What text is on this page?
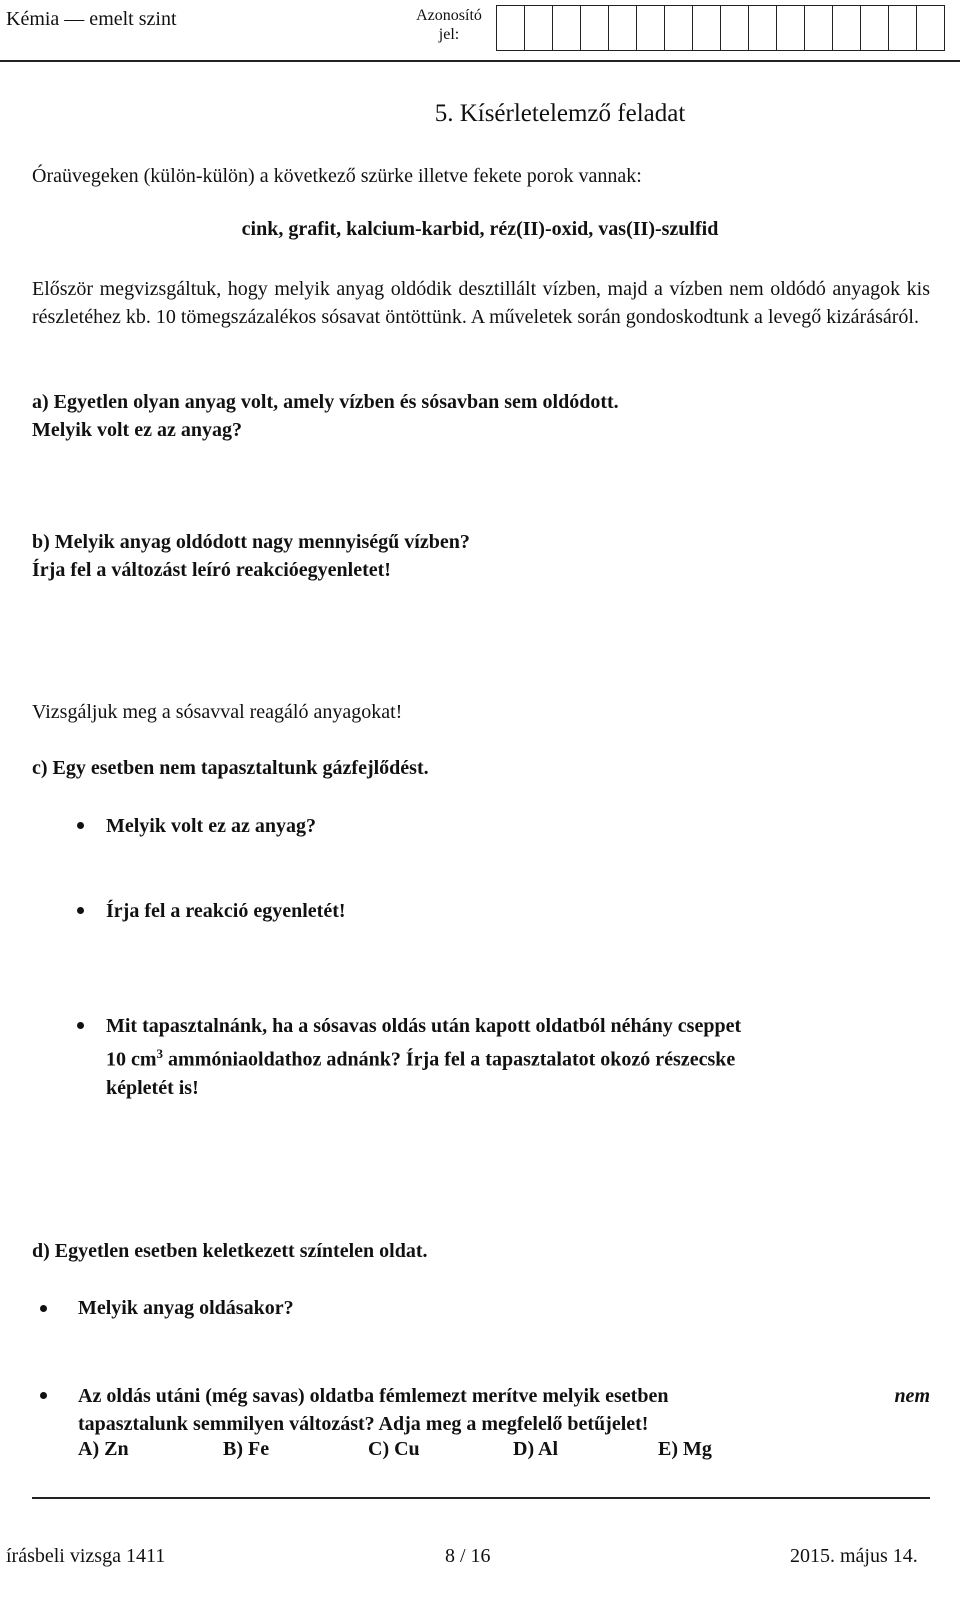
Kémia — emelt szint	Azonosító
jel:
5. Kísérletelemző feladat
Óraüvegeken (külön-külön) a következő szürke illetve fekete porok vannak:
cink, grafit, kalcium-karbid, réz(II)-oxid, vas(II)-szulfid
Először megvizsgáltuk, hogy melyik anyag oldódik desztillált vízben, majd a vízben nem oldódó anyagok kis részletéhez kb. 10 tömegszázalékos sósavat öntöttünk. A műveletek során gondoskodtunk a levegő kizárásáról.
a) Egyetlen olyan anyag volt, amely vízben és sósavban sem oldódott.
Melyik volt ez az anyag?
b) Melyik anyag oldódott nagy mennyiségű vízben?
Írja fel a változást leíró reakcióegyenletet!
Vizsgáljuk meg a sósavval reagáló anyagokat!
c) Egy esetben nem tapasztaltunk gázfejlődést.
Melyik volt ez az anyag?
Írja fel a reakció egyenletét!
Mit tapasztalnánk, ha a sósavas oldás után kapott oldatból néhány cseppet
10 $cm^3$ ammóniaoldathoz adnánk? Írja fel a tapasztalatot okozó részecske
képletét is!
d) Egyetlen esetben keletkezett színtelen oldat.
Melyik anyag oldásakor?
Az oldás utáni (még savas) oldatba fémlemezt merítve melyik esetben	nem
tapasztalunk semmilyen változást? Adja meg a megfelelő betűjelet!
A) Zn	B) Fe	C) Cu	D) Al	E) Mg
írásbeli vizsga 1411	8 / 16	2015. május 14.
